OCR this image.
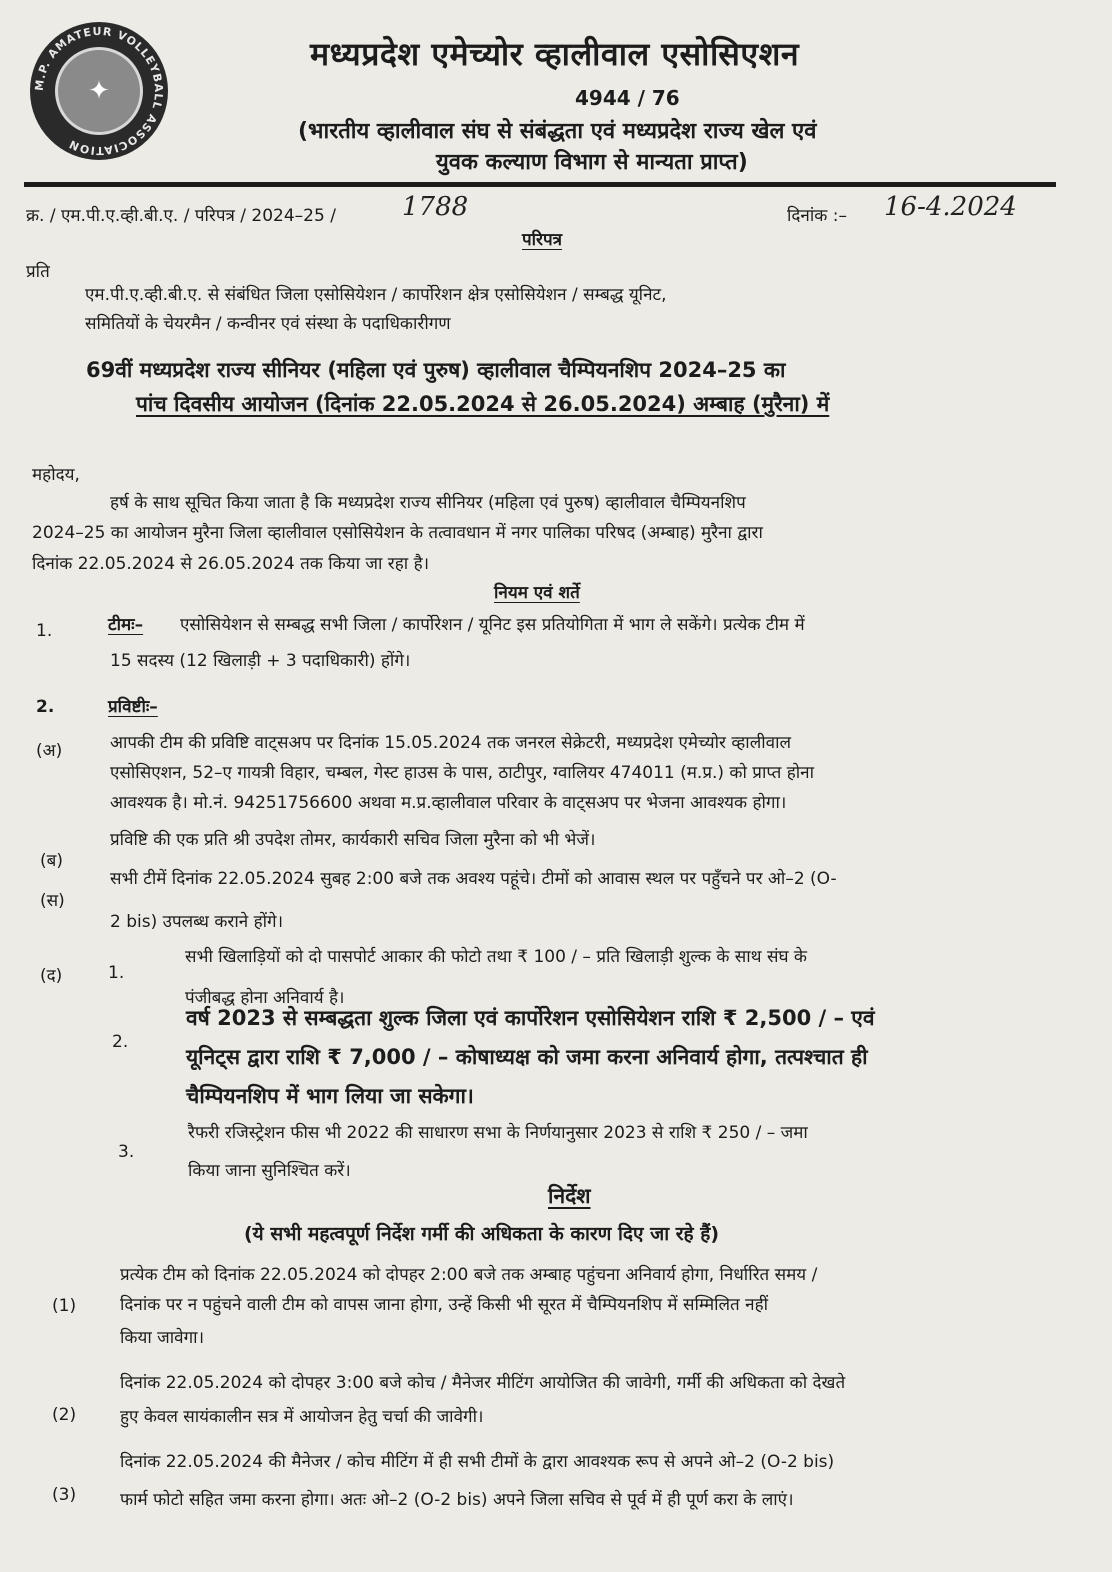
M.P. AMATEUR VOLLEYBALL ASSOCIATION
✦
मध्यप्रदेश एमेच्योर व्हालीवाल एसोसिएशन
4944 / 76
(भारतीय व्हालीवाल संघ से संबंद्धता एवं मध्यप्रदेश राज्य खेल एवं
युवक कल्याण विभाग से मान्यता प्राप्त)
क्र. / एम.पी.ए.व्ही.बी.ए. / परिपत्र / 2024–25 /	1788	दिनांक :– 16-4.2024
परिपत्र
प्रति
एम.पी.ए.व्ही.बी.ए. से संबंधित जिला एसोसियेशन / कार्पोरेशन क्षेत्र एसोसियेशन / सम्बद्ध यूनिट,
समितियों के चेयरमैन / कन्वीनर एवं संस्था के पदाधिकारीगण
69वीं मध्यप्रदेश राज्य सीनियर (महिला एवं पुरुष) व्हालीवाल चैम्पियनशिप 2024–25 का
पांच दिवसीय आयोजन (दिनांक 22.05.2024 से 26.05.2024) अम्बाह (मुरैना) में
महोदय,
हर्ष के साथ सूचित किया जाता है कि मध्यप्रदेश राज्य सीनियर (महिला एवं पुरुष) व्हालीवाल चैम्पियनशिप
2024–25 का आयोजन मुरैना जिला व्हालीवाल एसोसियेशन के तत्वावधान में नगर पालिका परिषद (अम्बाह) मुरैना द्वारा
दिनांक 22.05.2024 से 26.05.2024 तक किया जा रहा है।
नियम एवं शर्ते
1.	टीमः– एसोसियेशन से सम्बद्ध सभी जिला / कार्पोरेशन / यूनिट इस प्रतियोगिता में भाग ले सकेंगे। प्रत्येक टीम में
15 सदस्य (12 खिलाड़ी + 3 पदाधिकारी) होंगे।
2.	प्रविष्टीः–
(अ)	आपकी टीम की प्रविष्टि वाट्सअप पर दिनांक 15.05.2024 तक जनरल सेक्रेटरी, मध्यप्रदेश एमेच्योर व्हालीवाल
एसोसिएशन, 52–ए गायत्री विहार, चम्बल, गेस्ट हाउस के पास, ठाटीपुर, ग्वालियर 474011 (म.प्र.) को प्राप्त होना
आवश्यक है। मो.नं. 9425‌1756600 अथवा म.प्र.व्हालीवाल परिवार के वाट्सअप पर भेजना आवश्यक होगा।
(ब)
प्रविष्टि की एक प्रति श्री उपदेश तोमर, कार्यकारी सचिव जिला मुरैना को भी भेजें।
(स)
सभी टीमें दिनांक 22.05.2024 सुबह 2:00 बजे तक अवश्य पहूंचे। टीमों को आवास स्थल पर पहुँचने पर ओ–2 (O-
2 bis) उपलब्ध कराने होंगे।
(द)	1.
सभी खिलाड़ियों को दो पासपोर्ट आकार की फोटो तथा ₹ 100 / – प्रति खिलाड़ी शुल्क के साथ संघ के
पंजीबद्ध होना अनिवार्य है।
2.
वर्ष 2023 से सम्बद्धता शुल्क जिला एवं कार्पोरेशन एसोसियेशन राशि ₹ 2,500 / – एवं
यूनिट्स द्वारा राशि ₹ 7,000 / – कोषाध्यक्ष को जमा करना अनिवार्य होगा, तत्पश्चात ही
चैम्पियनशिप में भाग लिया जा सकेगा।
3.
रैफरी रजिस्ट्रेशन फीस भी 2022 की साधारण सभा के निर्णयानुसार 2023 से राशि ₹ 250 / – जमा
किया जाना सुनिश्चित करें।
निर्देश
(ये सभी महत्वपूर्ण निर्देश गर्मी की अधिकता के कारण दिए जा रहे हैं)
(1)
प्रत्येक टीम को दिनांक 22.05.2024 को दोपहर 2:00 बजे तक अम्बाह पहुंचना अनिवार्य होगा, निर्धारित समय /
दिनांक पर न पहुंचने वाली टीम को वापस जाना होगा, उन्हें किसी भी सूरत में चैम्पियनशिप में सम्मिलित नहीं
किया जावेगा।
(2)
दिनांक 22.05.2024 को दोपहर 3:00 बजे कोच / मैनेजर मीटिंग आयोजित की जावेगी, गर्मी की अधिकता को देखते
हुए केवल सायंकालीन सत्र में आयोजन हेतु चर्चा की जावेगी।
(3)
दिनांक 22.05.2024 की मैनेजर / कोच मीटिंग में ही सभी टीमों के द्वारा आवश्यक रूप से अपने ओ–2 (O-2 bis)
फार्म फोटो सहित जमा करना होगा। अतः ओ–2 (O-2 bis) अपने जिला सचिव से पूर्व में ही पूर्ण करा के लाएं।
